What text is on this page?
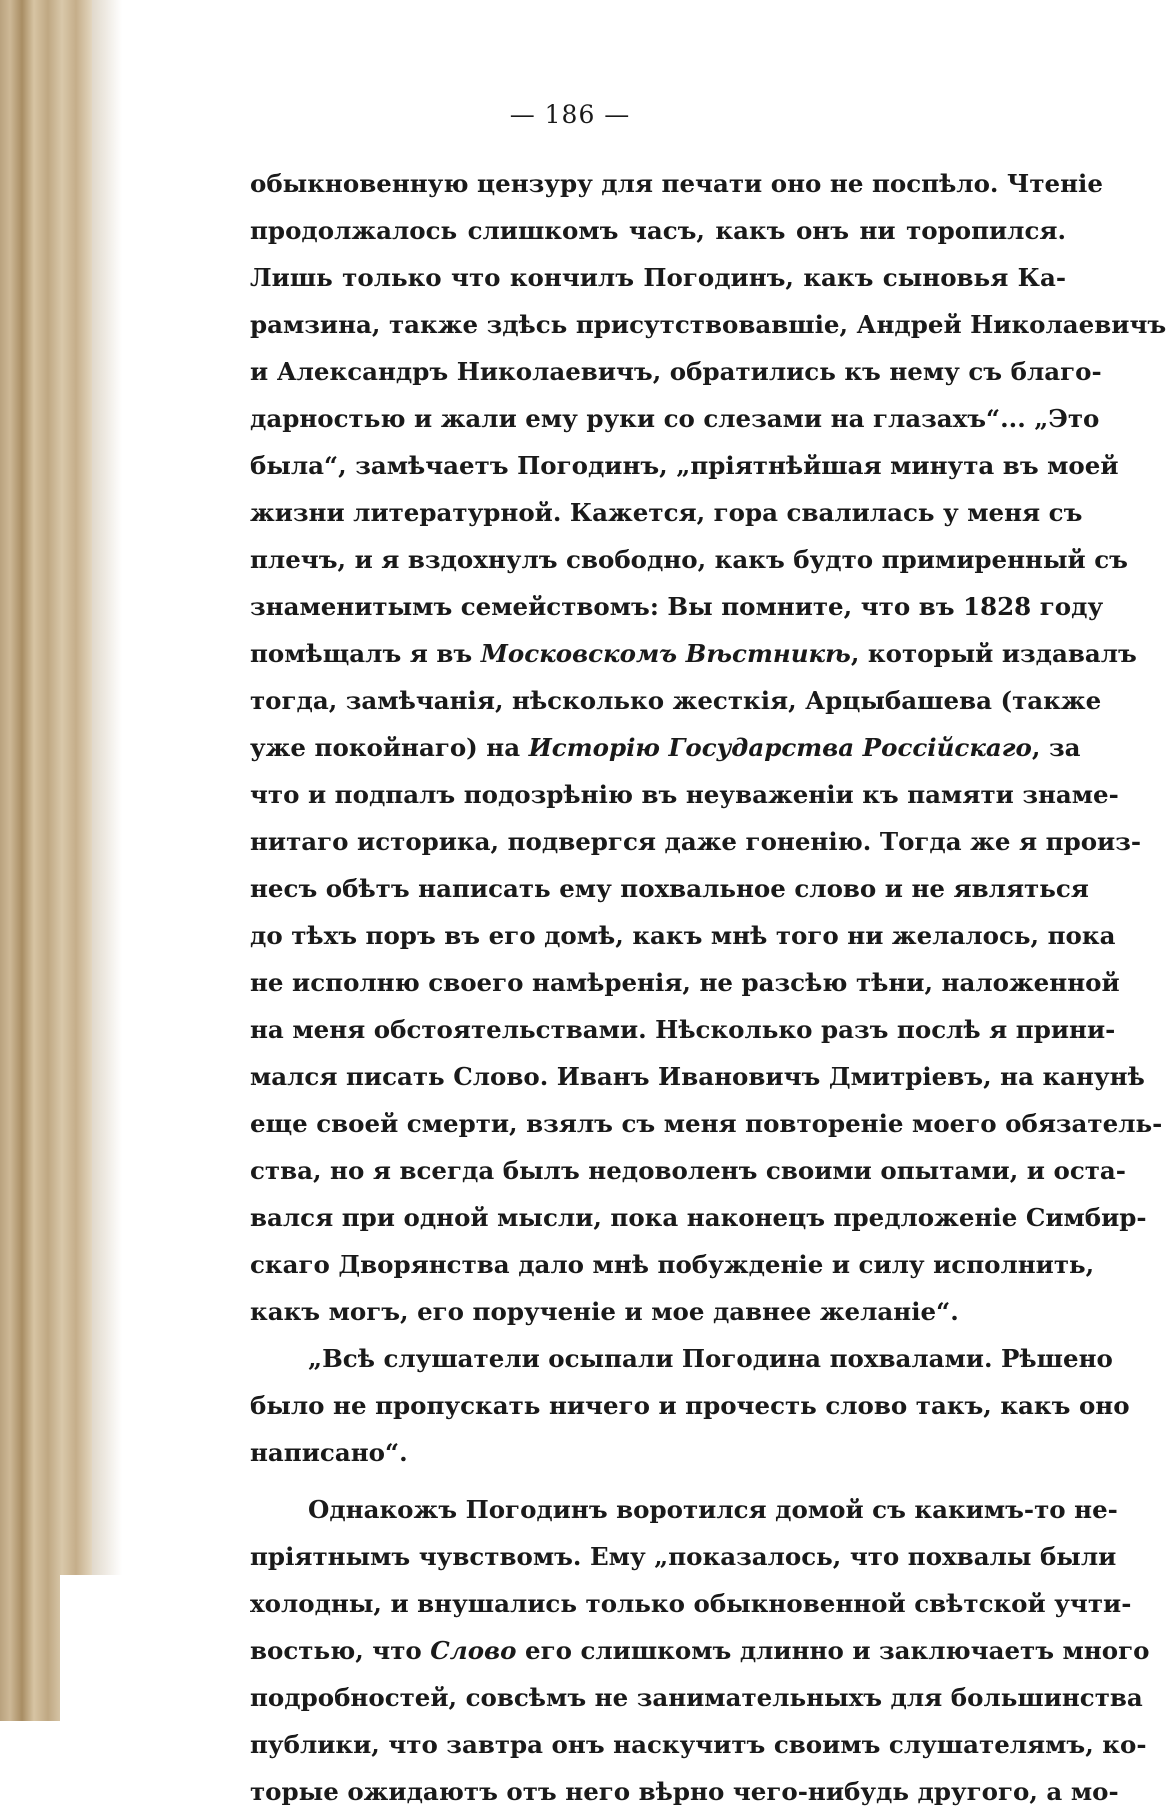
— 186 —
обыкновенную цензуру для печати оно не поспѣло. Чтеніе
продолжалось слишкомъ часъ, какъ онъ ни торопился.
Лишь только что кончилъ Погодинъ, какъ сыновья Ка-
рамзина, также здѣсь присутствовавшіе, Андрей Николаевичъ
и Александръ Николаевичъ, обратились къ нему съ благо-
дарностью и жали ему руки со слезами на глазахъ“... „Это
была“, замѣчаетъ Погодинъ, „пріятнѣйшая минута въ моей
жизни литературной. Кажется, гора свалилась у меня съ
плечъ, и я вздохнулъ свободно, какъ будто примиренный съ
знаменитымъ семействомъ: Вы помните, что въ 1828 году
помѣщалъ я въ Московскомъ Вѣстникѣ, который издавалъ
тогда, замѣчанія, нѣсколько жесткія, Арцыбашева (также
уже покойнаго) на Исторію Государства Россійскаго, за
что и подпалъ подозрѣнію въ неуваженіи къ памяти знаме-
нитаго историка, подвергся даже гоненію. Тогда же я произ-
несъ обѣтъ написать ему похвальное слово и не являться
до тѣхъ поръ въ его домѣ, какъ мнѣ того ни желалось, пока
не исполню своего намѣренія, не разсѣю тѣни, наложенной
на меня обстоятельствами. Нѣсколько разъ послѣ я прини-
мался писать Слово. Иванъ Ивановичъ Дмитріевъ, на канунѣ
еще своей смерти, взялъ съ меня повтореніе моего обязатель-
ства, но я всегда былъ недоволенъ своими опытами, и оста-
вался при одной мысли, пока наконецъ предложеніе Симбир-
скаго Дворянства дало мнѣ побужденіе и силу исполнить,
какъ могъ, его порученіе и мое давнее желаніе“.
„Всѣ слушатели осыпали Погодина похвалами. Рѣшено
было не пропускать ничего и прочесть слово такъ, какъ оно
написано“.
Однакожъ Погодинъ воротился домой съ какимъ-то не-
пріятнымъ чувствомъ. Ему „показалось, что похвалы были
холодны, и внушались только обыкновенной свѣтской учти-
востью, что Слово его слишкомъ длинно и заключаетъ много
подробностей, совсѣмъ не занимательныхъ для большинства
публики, что завтра онъ наскучитъ своимъ слушателямъ, ко-
торые ожидаютъ отъ него вѣрно чего-нибудь другого, а мо-
